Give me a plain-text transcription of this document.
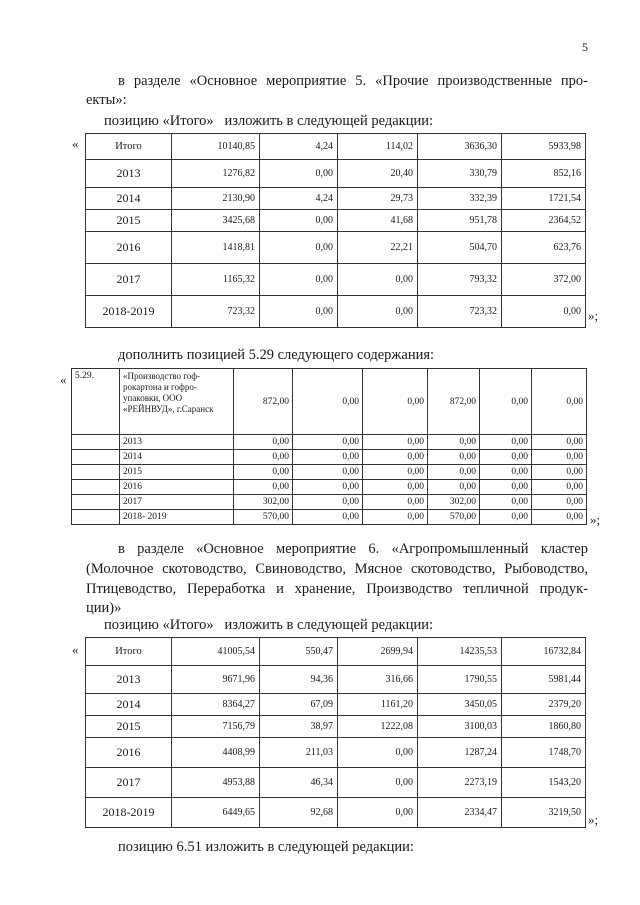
5
в разделе «Основное мероприятие 5. «Прочие производственные про-
екты»:
позицию «Итого»   изложить в следующей редакции:
«	Итого	10140,85	4,24	114,02	3636,30	5933,98	
2013	1276,82	0,00	20,40	330,79	852,16	
2014	2130,90	4,24	29,73	332,39	1721,54	
2015	3425,68	0,00	41,68	951,78	2364,52	
2016	1418,81	0,00	22,21	504,70	623,76	
2017	1165,32	0,00	0,00	793,32	372,00	
2018-2019	723,32	0,00	0,00	723,32	0,00	»;
дополнить позицией 5.29 следующего содержания:
« 5.29.	«Производство гоф-рокартона и гофро-упаковки, ООО «РЕЙНВУД», г.Саранск	872,00	0,00	0,00	872,00	0,00	0,00
	2013	0,00	0,00	0,00	0,00	0,00	0,00
	2014	0,00	0,00	0,00	0,00	0,00	0,00
	2015	0,00	0,00	0,00	0,00	0,00	0,00
	2016	0,00	0,00	0,00	0,00	0,00	0,00
	2017	302,00	0,00	0,00	302,00	0,00	0,00
	2018- 2019	570,00	0,00	0,00	570,00	0,00	0,00 »;
в разделе «Основное мероприятие 6. «Агропромышленный кластер
(Молочное скотоводство, Свиноводство, Мясное скотоводство, Рыбоводство,
Птицеводство, Переработка и хранение, Производство тепличной продук-
ции)»
позицию «Итого»   изложить в следующей редакции:
«	Итого	41005,54	550,47	2699,94	14235,53	16732,84	
2013	9671,96	94,36	316,66	1790,55	5981,44	
2014	8364,27	67,09	1161,20	3450,05	2379,20	
2015	7156,79	38,97	1222,08	3100,03	1860,80	
2016	4408,99	211,03	0,00	1287,24	1748,70	
2017	4953,88	46,34	0,00	2273,19	1543,20	
2018-2019	6449,65	92,68	0,00	2334,47	3219,50	»;
позицию 6.51 изложить в следующей редакции:
